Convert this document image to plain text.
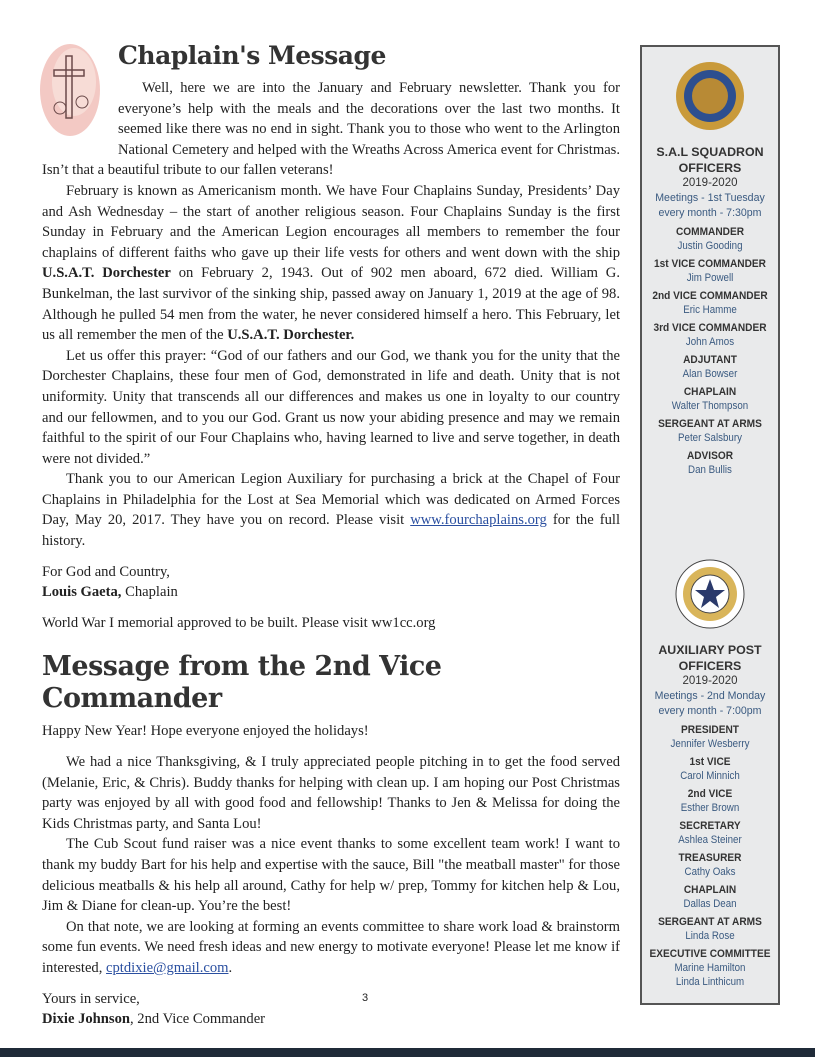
Chaplain's Message

Well, here we are into the January and February newsletter. Thank you for everyone’s help with the meals and the decorations over the last two months. It seemed like there was no end in sight. Thank you to those who went to the Arlington National Cemetery and helped with the Wreaths Across America event for Christmas. Isn’t that a beautiful tribute to our fallen veterans!

February is known as Americanism month. We have Four Chaplains Sunday, Presidents’ Day and Ash Wednesday – the start of another religious season. Four Chaplains Sunday is the first Sunday in February and the American Legion encourages all members to remember the four chaplains of different faiths who gave up their life vests for others and went down with the ship U.S.A.T. Dorchester on February 2, 1943. Out of 902 men aboard, 672 died. William G. Bunkelman, the last survivor of the sinking ship, passed away on January 1, 2019 at the age of 98. Although he pulled 54 men from the water, he never considered himself a hero. This February, let us all remember the men of the U.S.A.T. Dorchester.

Let us offer this prayer: “God of our fathers and our God, we thank you for the unity that the Dorchester Chaplains, these four men of God, demonstrated in life and death. Unity that is not uniformity. Unity that transcends all our differences and makes us one in loyalty to our country and our fellowmen, and to you our God. Grant us now your abiding presence and may we remain faithful to the spirit of our Four Chaplains who, having learned to live and serve together, in death were not divided.”

Thank you to our American Legion Auxiliary for purchasing a brick at the Chapel of Four Chaplains in Philadelphia for the Lost at Sea Memorial which was dedicated on Armed Forces Day, May 20, 2017. They have you on record. Please visit www.fourchaplains.org for the full history.

For God and Country,

Louis Gaeta, Chaplain

World War I memorial approved to be built. Please visit ww1cc.org

Message from the 2nd Vice Commander

Happy New Year! Hope everyone enjoyed the holidays!

We had a nice Thanksgiving, & I truly appreciated people pitching in to get the food served (Melanie, Eric, & Chris). Buddy thanks for helping with clean up. I am hoping our Post Christmas party was enjoyed by all with good food and fellowship! Thanks to Jen & Melissa for doing the Kids Christmas party, and Santa Lou!

The Cub Scout fund raiser was a nice event thanks to some excellent team work! I want to thank my buddy Bart for his help and expertise with the sauce, Bill "the meatball master" for those delicious meatballs & his help all around, Cathy for help w/ prep, Tommy for kitchen help & Lou, Jim & Diane for clean-up. You’re the best!

On that note, we are looking at forming an events committee to share work load & brainstorm some fun events. We need fresh ideas and new energy to motivate everyone! Please let me know if interested, cptdixie@gmail.com.

Yours in service,

Dixie Johnson, 2nd Vice Commander

S.A.L SQUADRON
OFFICERS
2019-2020
Meetings - 1st Tuesday
every month - 7:30pm
COMMANDER
Justin Gooding
1st VICE COMMANDER
Jim Powell
2nd VICE COMMANDER
Eric Hamme
3rd VICE COMMANDER
John Amos
ADJUTANT
Alan Bowser
CHAPLAIN
Walter Thompson
SERGEANT AT ARMS
Peter Salsbury
ADVISOR
Dan Bullis
AUXILIARY POST
OFFICERS
2019-2020
Meetings - 2nd Monday
every month - 7:00pm
PRESIDENT
Jennifer Wesberry
1st VICE
Carol Minnich
2nd VICE
Esther Brown
SECRETARY
Ashlea Steiner
TREASURER
Cathy Oaks
CHAPLAIN
Dallas Dean
SERGEANT AT ARMS
Linda Rose
EXECUTIVE COMMITTEE
Marine Hamilton
Linda Linthicum
3
